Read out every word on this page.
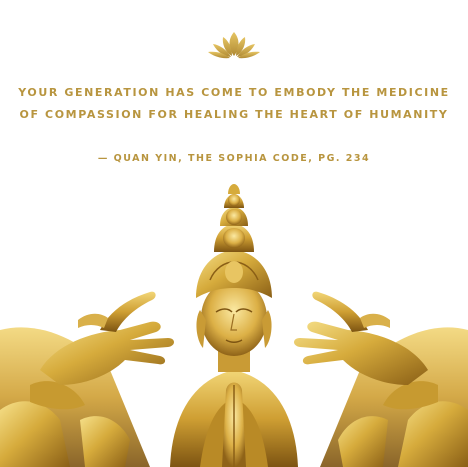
YOUR GENERATION HAS COME TO EMBODY THE MEDICINE
OF COMPASSION FOR HEALING THE HEART OF HUMANITY
— QUAN YIN, THE SOPHIA CODE, PG. 234
